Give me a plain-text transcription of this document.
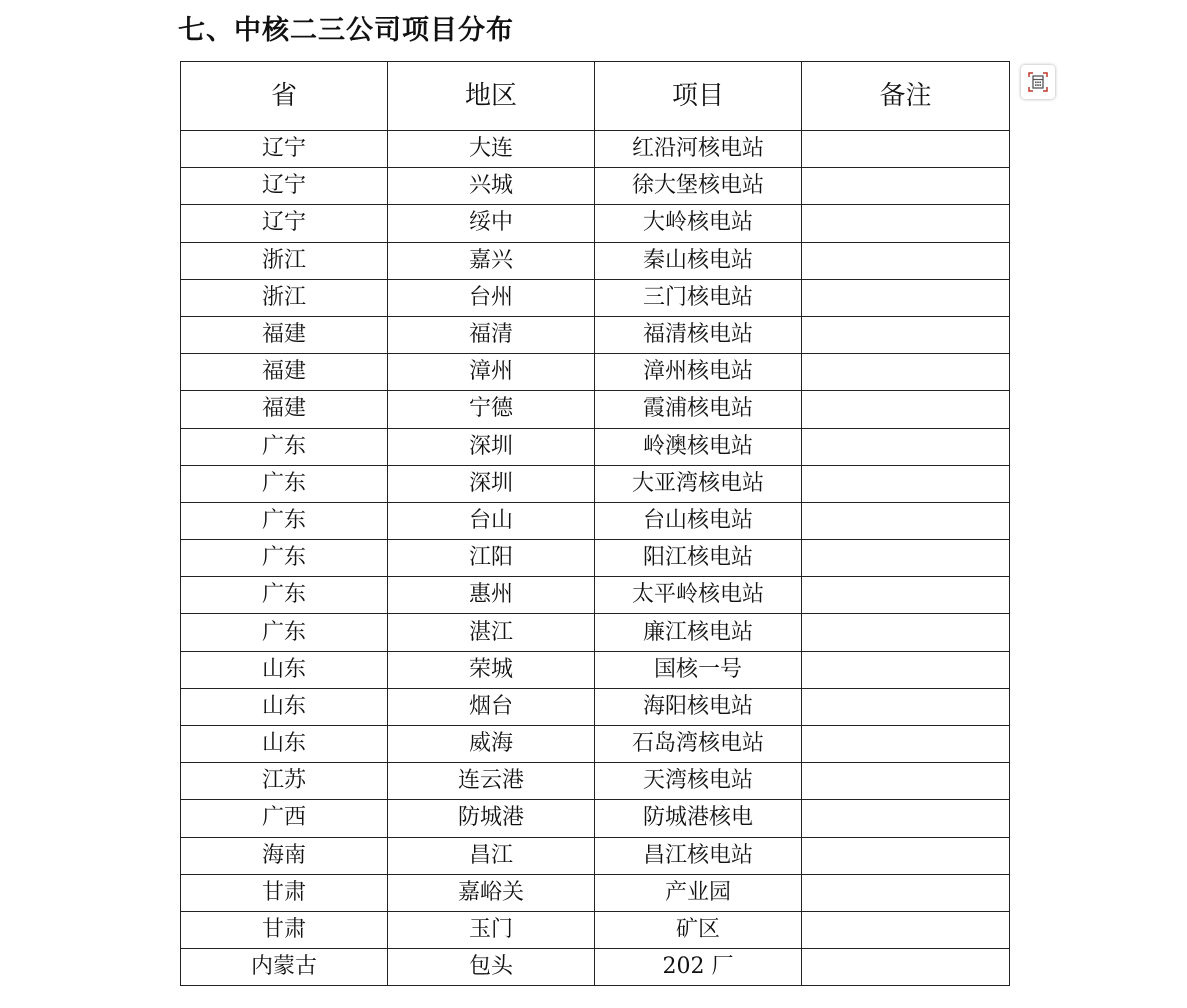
七、中核二三公司项目分布
省	地区	项目	备注
辽宁	大连	红沿河核电站	
辽宁	兴城	徐大堡核电站	
辽宁	绥中	大岭核电站	
浙江	嘉兴	秦山核电站	
浙江	台州	三门核电站	
福建	福清	福清核电站	
福建	漳州	漳州核电站	
福建	宁德	霞浦核电站	
广东	深圳	岭澳核电站	
广东	深圳	大亚湾核电站	
广东	台山	台山核电站	
广东	江阳	阳江核电站	
广东	惠州	太平岭核电站	
广东	湛江	廉江核电站	
山东	荣城	国核一号	
山东	烟台	海阳核电站	
山东	威海	石岛湾核电站	
江苏	连云港	天湾核电站	
广西	防城港	防城港核电	
海南	昌江	昌江核电站	
甘肃	嘉峪关	产业园	
甘肃	玉门	矿区	
内蒙古	包头	202 厂	
